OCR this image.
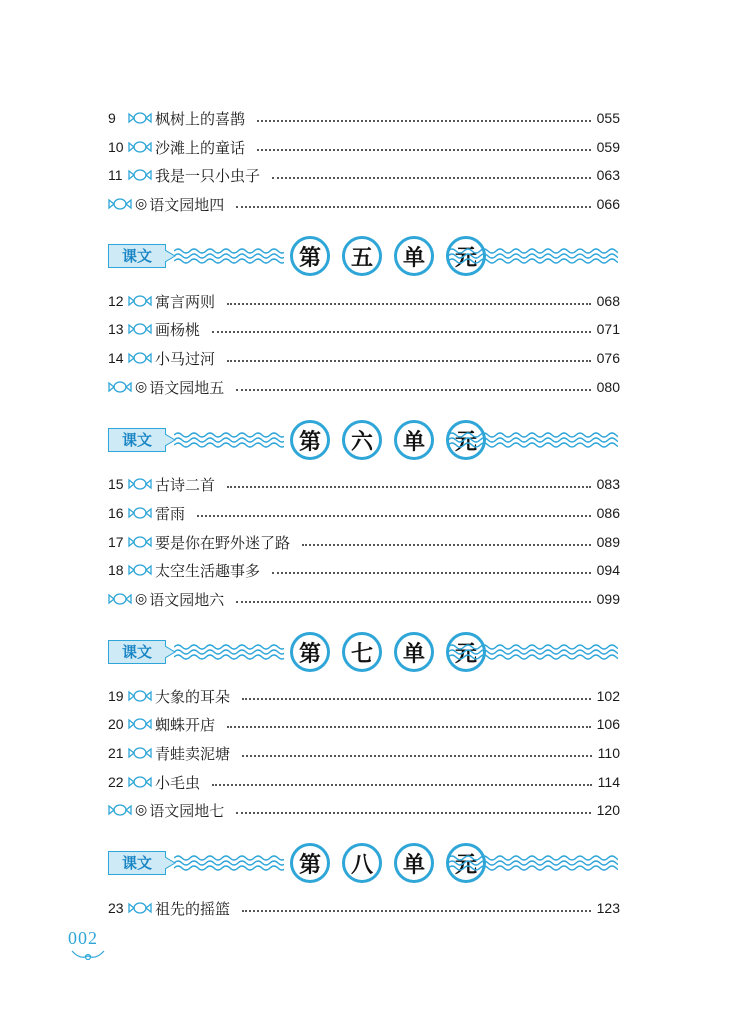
9	枫树上的喜鹊	055
10 沙滩上的童话	059
11	我是一只小虫子	063
◎ 语文园地四	066
课文	第	五	单	元
12 寓言两则	068
13 画杨桃	071
14 小马过河	076
◎ 语文园地五	080
课文	第	六	单	元
15 古诗二首	083
16 雷雨	086
17 要是你在野外迷了路	089
18 太空生活趣事多	094
◎ 语文园地六	099
课文	第	七	单	元
19 大象的耳朵	102
20 蜘蛛开店	106
21 青蛙卖泥塘	110
22 小毛虫	114
◎ 语文园地七	120
课文	第	八	单	元
23 祖先的摇篮	123
002
